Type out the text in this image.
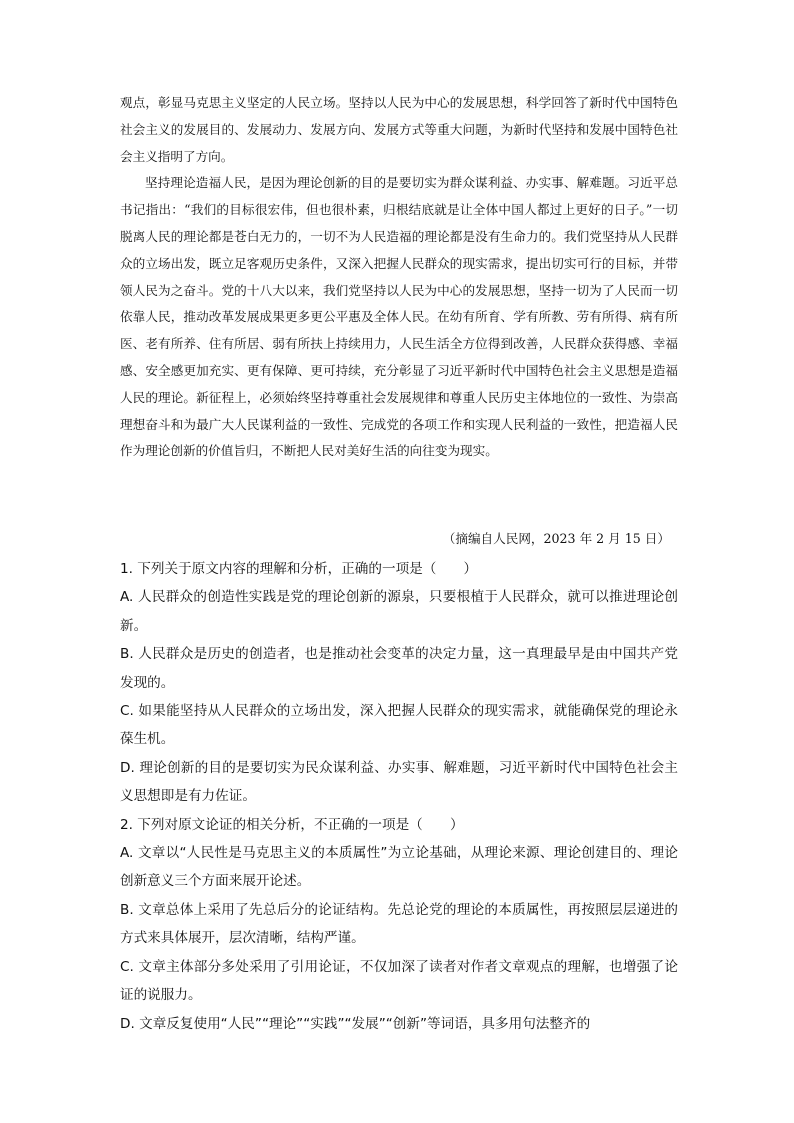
观点，彰显马克思主义坚定的人民立场。坚持以人民为中心的发展思想，科学回答了新时代中国特色社会主义的发展目的、发展动力、发展方向、发展方式等重大问题，为新时代坚持和发展中国特色社会主义指明了方向。

坚持理论造福人民，是因为理论创新的目的是要切实为群众谋利益、办实事、解难题。习近平总书记指出：“我们的目标很宏伟，但也很朴素，归根结底就是让全体中国人都过上更好的日子。”一切脱离人民的理论都是苍白无力的，一切不为人民造福的理论都是没有生命力的。我们党坚持从人民群众的立场出发，既立足客观历史条件，又深入把握人民群众的现实需求，提出切实可行的目标，并带领人民为之奋斗。党的十八大以来，我们党坚持以人民为中心的发展思想，坚持一切为了人民而一切依靠人民，推动改革发展成果更多更公平惠及全体人民。在幼有所育、学有所教、劳有所得、病有所医、老有所养、住有所居、弱有所扶上持续用力，人民生活全方位得到改善，人民群众获得感、幸福感、安全感更加充实、更有保障、更可持续，充分彰显了习近平新时代中国特色社会主义思想是造福人民的理论。新征程上，必须始终坚持尊重社会发展规律和尊重人民历史主体地位的一致性、为崇高理想奋斗和为最广大人民谋利益的一致性、完成党的各项工作和实现人民利益的一致性，把造福人民作为理论创新的价值旨归，不断把人民对美好生活的向往变为现实。

（摘编自人民网，2023 年 2 月 15 日）

1. 下列关于原文内容的理解和分析，正确的一项是（　　）

A. 人民群众的创造性实践是党的理论创新的源泉，只要根植于人民群众，就可以推进理论创新。

B. 人民群众是历史的创造者，也是推动社会变革的决定力量，这一真理最早是由中国共产党发现的。

C. 如果能坚持从人民群众的立场出发，深入把握人民群众的现实需求，就能确保党的理论永葆生机。

D. 理论创新的目的是要切实为民众谋利益、办实事、解难题，习近平新时代中国特色社会主义思想即是有力佐证。

2. 下列对原文论证的相关分析，不正确的一项是（　　）

A. 文章以“人民性是马克思主义的本质属性”为立论基础，从理论来源、理论创建目的、理论创新意义三个方面来展开论述。

B. 文章总体上采用了先总后分的论证结构。先总论党的理论的本质属性，再按照层层递进的方式来具体展开，层次清晰，结构严谨。

C. 文章主体部分多处采用了引用论证，不仅加深了读者对作者文章观点的理解，也增强了论证的说服力。

D. 文章反复使用“人民”“理论”“实践”“发展”“创新”等词语，具多用句法整齐的
